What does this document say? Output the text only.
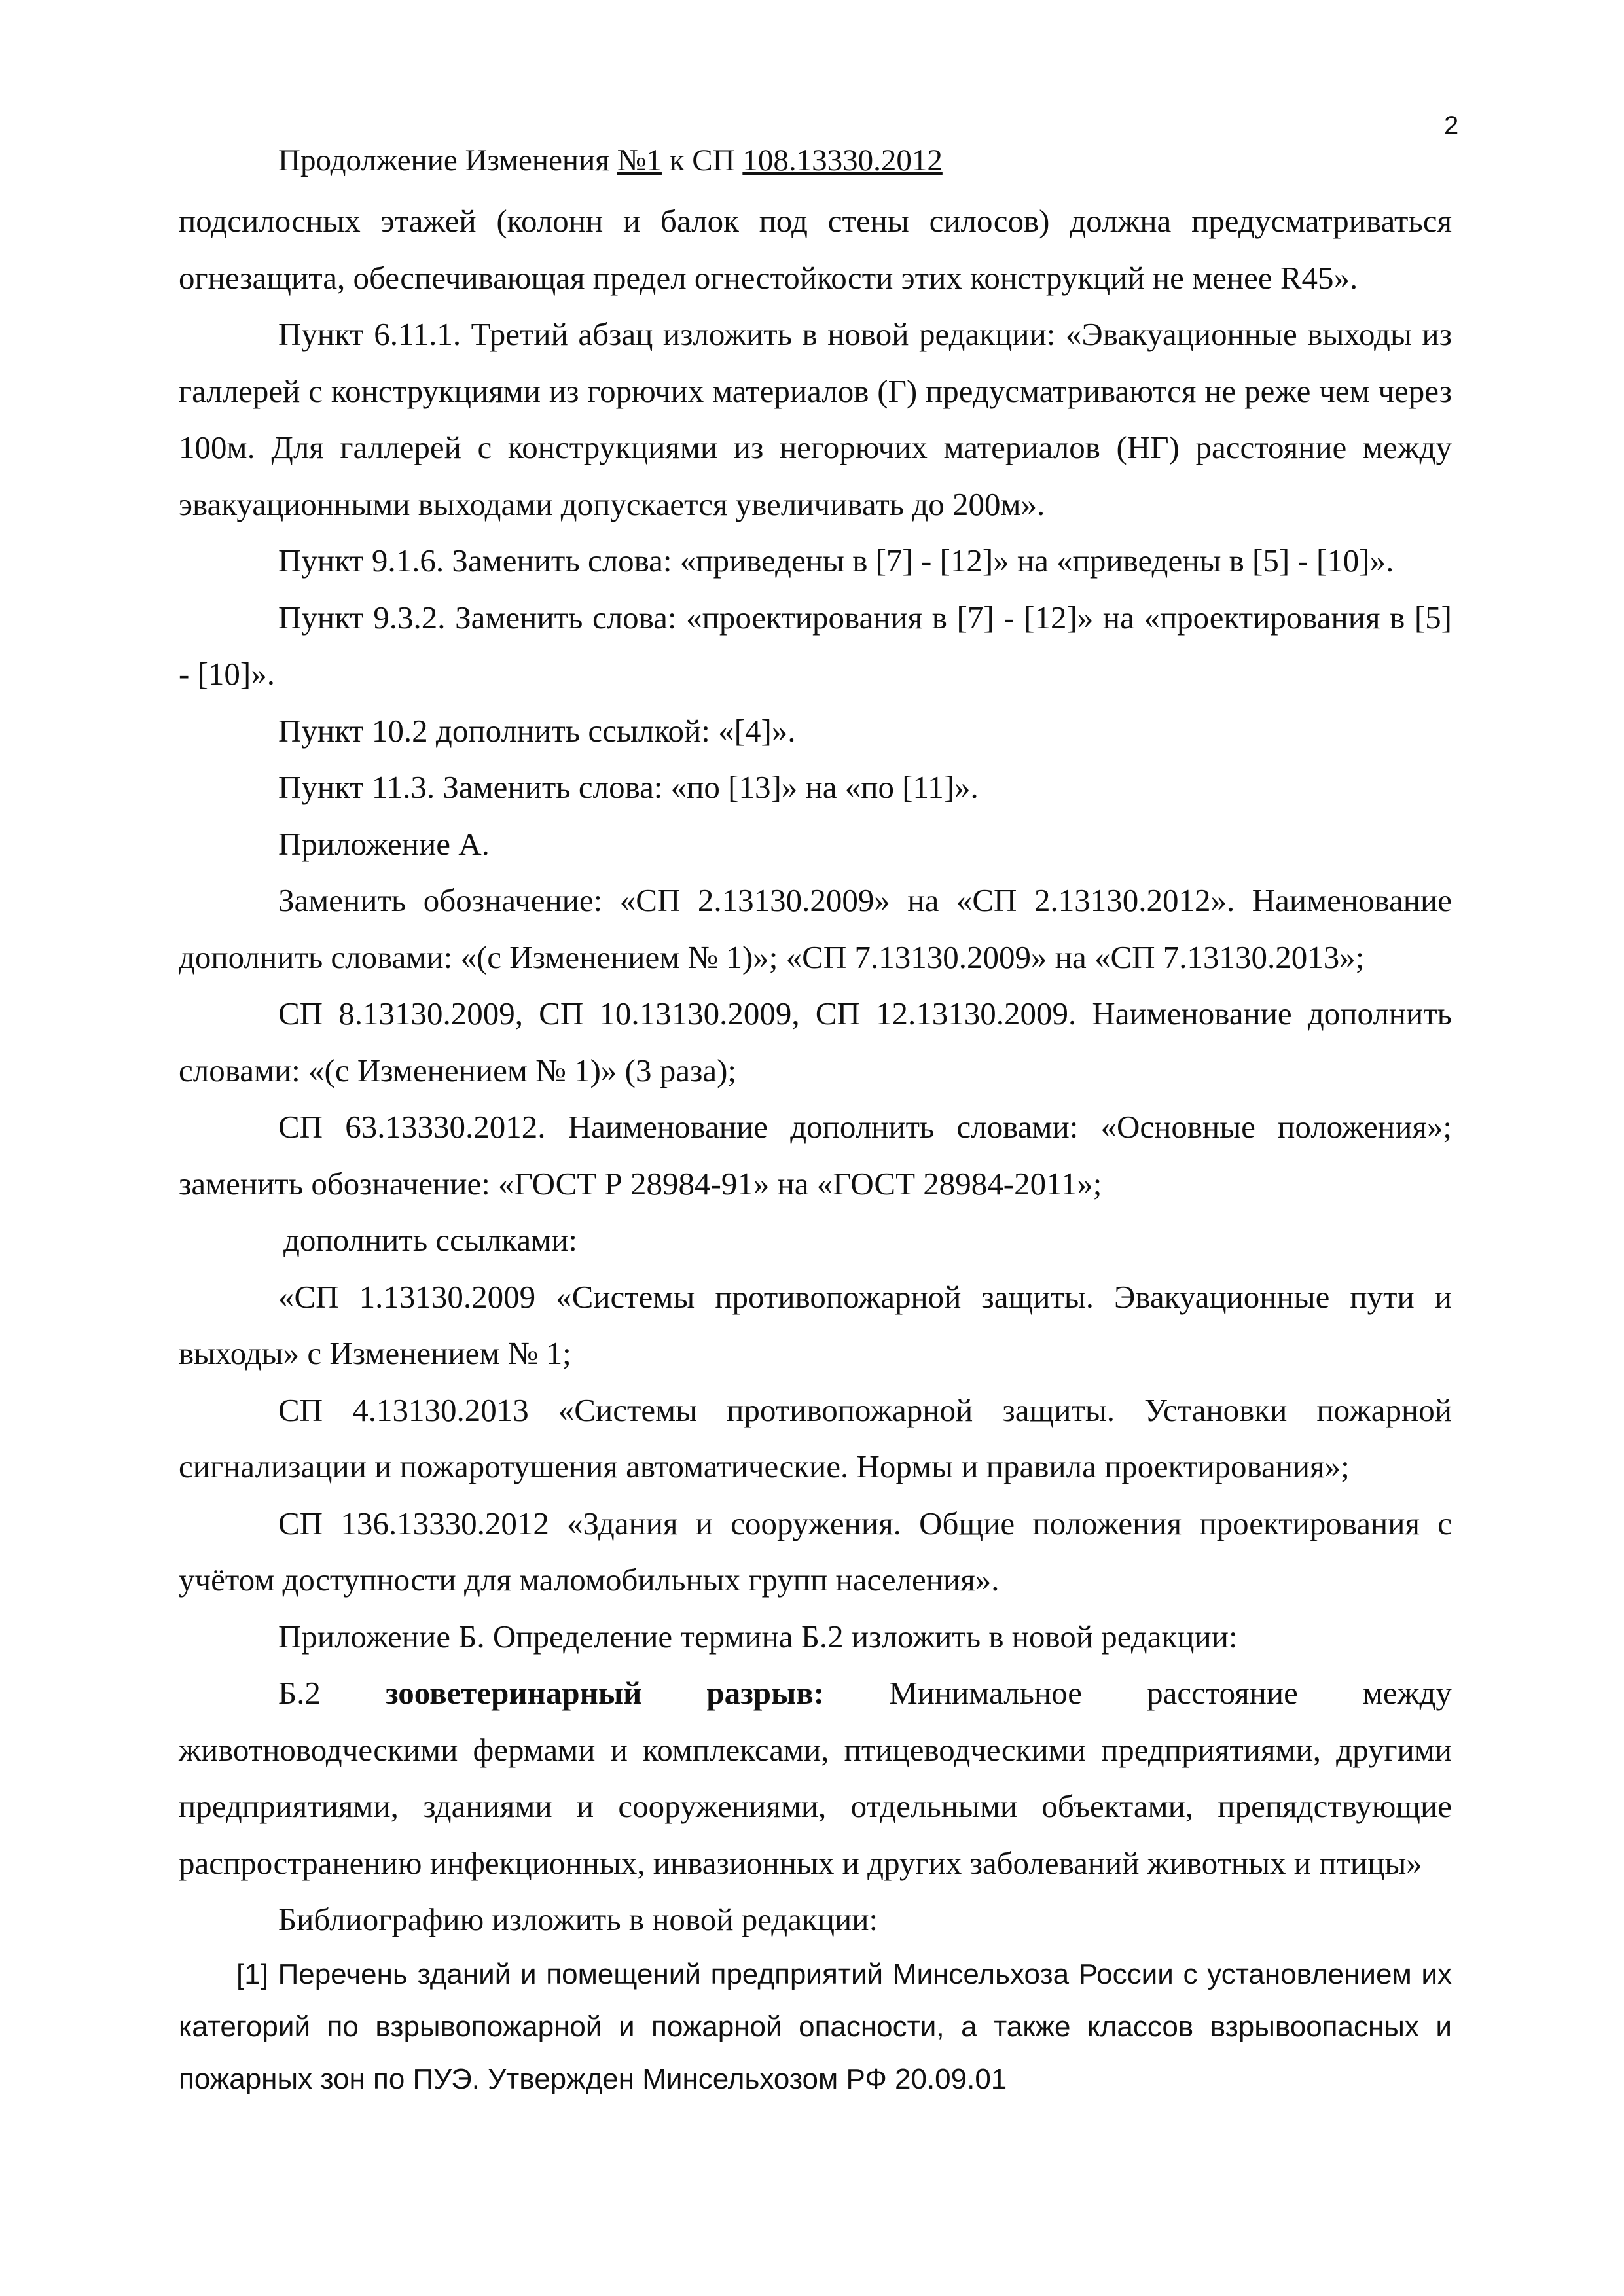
2
Продолжение Изменения №1 к СП 108.13330.2012

подсилосных этажей (колонн и балок под стены силосов) должна предусматриваться огнезащита, обеспечивающая предел огнестойкости этих конструкций не менее R45».

Пункт 6.11.1. Третий абзац изложить в новой редакции: «Эвакуационные выходы из галлерей с конструкциями из горючих материалов (Г) предусматриваются не реже чем через 100м. Для галлерей с конструкциями из негорючих материалов (НГ) расстояние между эвакуационными выходами допускается увеличивать до 200м».

Пункт 9.1.6. Заменить слова: «приведены в [7] - [12]» на «приведены в [5] - [10]».

Пункт 9.3.2. Заменить слова: «проектирования в [7] - [12]» на «проектирования в [5] - [10]».

Пункт 10.2 дополнить ссылкой: «[4]».

Пункт 11.3. Заменить слова: «по [13]» на «по [11]».

Приложение А.

Заменить обозначение: «СП 2.13130.2009» на «СП 2.13130.2012». Наименование дополнить словами: «(с Изменением № 1)»; «СП 7.13130.2009» на «СП 7.13130.2013»;

СП 8.13130.2009, СП 10.13130.2009, СП 12.13130.2009. Наименование дополнить словами: «(с Изменением № 1)» (3 раза);

СП 63.13330.2012. Наименование дополнить словами: «Основные положения»; заменить обозначение: «ГОСТ Р 28984-91» на «ГОСТ 28984-2011»;

дополнить ссылками:

«СП 1.13130.2009 «Системы противопожарной защиты. Эвакуационные пути и выходы» с Изменением № 1;

СП 4.13130.2013 «Системы противопожарной защиты. Установки пожарной сигнализации и пожаротушения автоматические. Нормы и правила проектирования»;

СП 136.13330.2012 «Здания и сооружения. Общие положения проектирования с учётом доступности для маломобильных групп населения».

Приложение Б. Определение термина Б.2 изложить в новой редакции:

Б.2 зооветеринарный разрыв: Минимальное расстояние между

животноводческими фермами и комплексами, птицеводческими предприятиями, другими предприятиями, зданиями и сооружениями, отдельными объектами, препядствующие распространению инфекционных, инвазионных и других заболеваний животных и птицы»

Библиографию изложить в новой редакции:

[1] Перечень зданий и помещений предприятий Минсельхоза России с установлением их категорий по взрывопожарной и пожарной опасности, а также классов взрывоопасных и пожарных зон по ПУЭ. Утвержден Минсельхозом РФ 20.09.01
